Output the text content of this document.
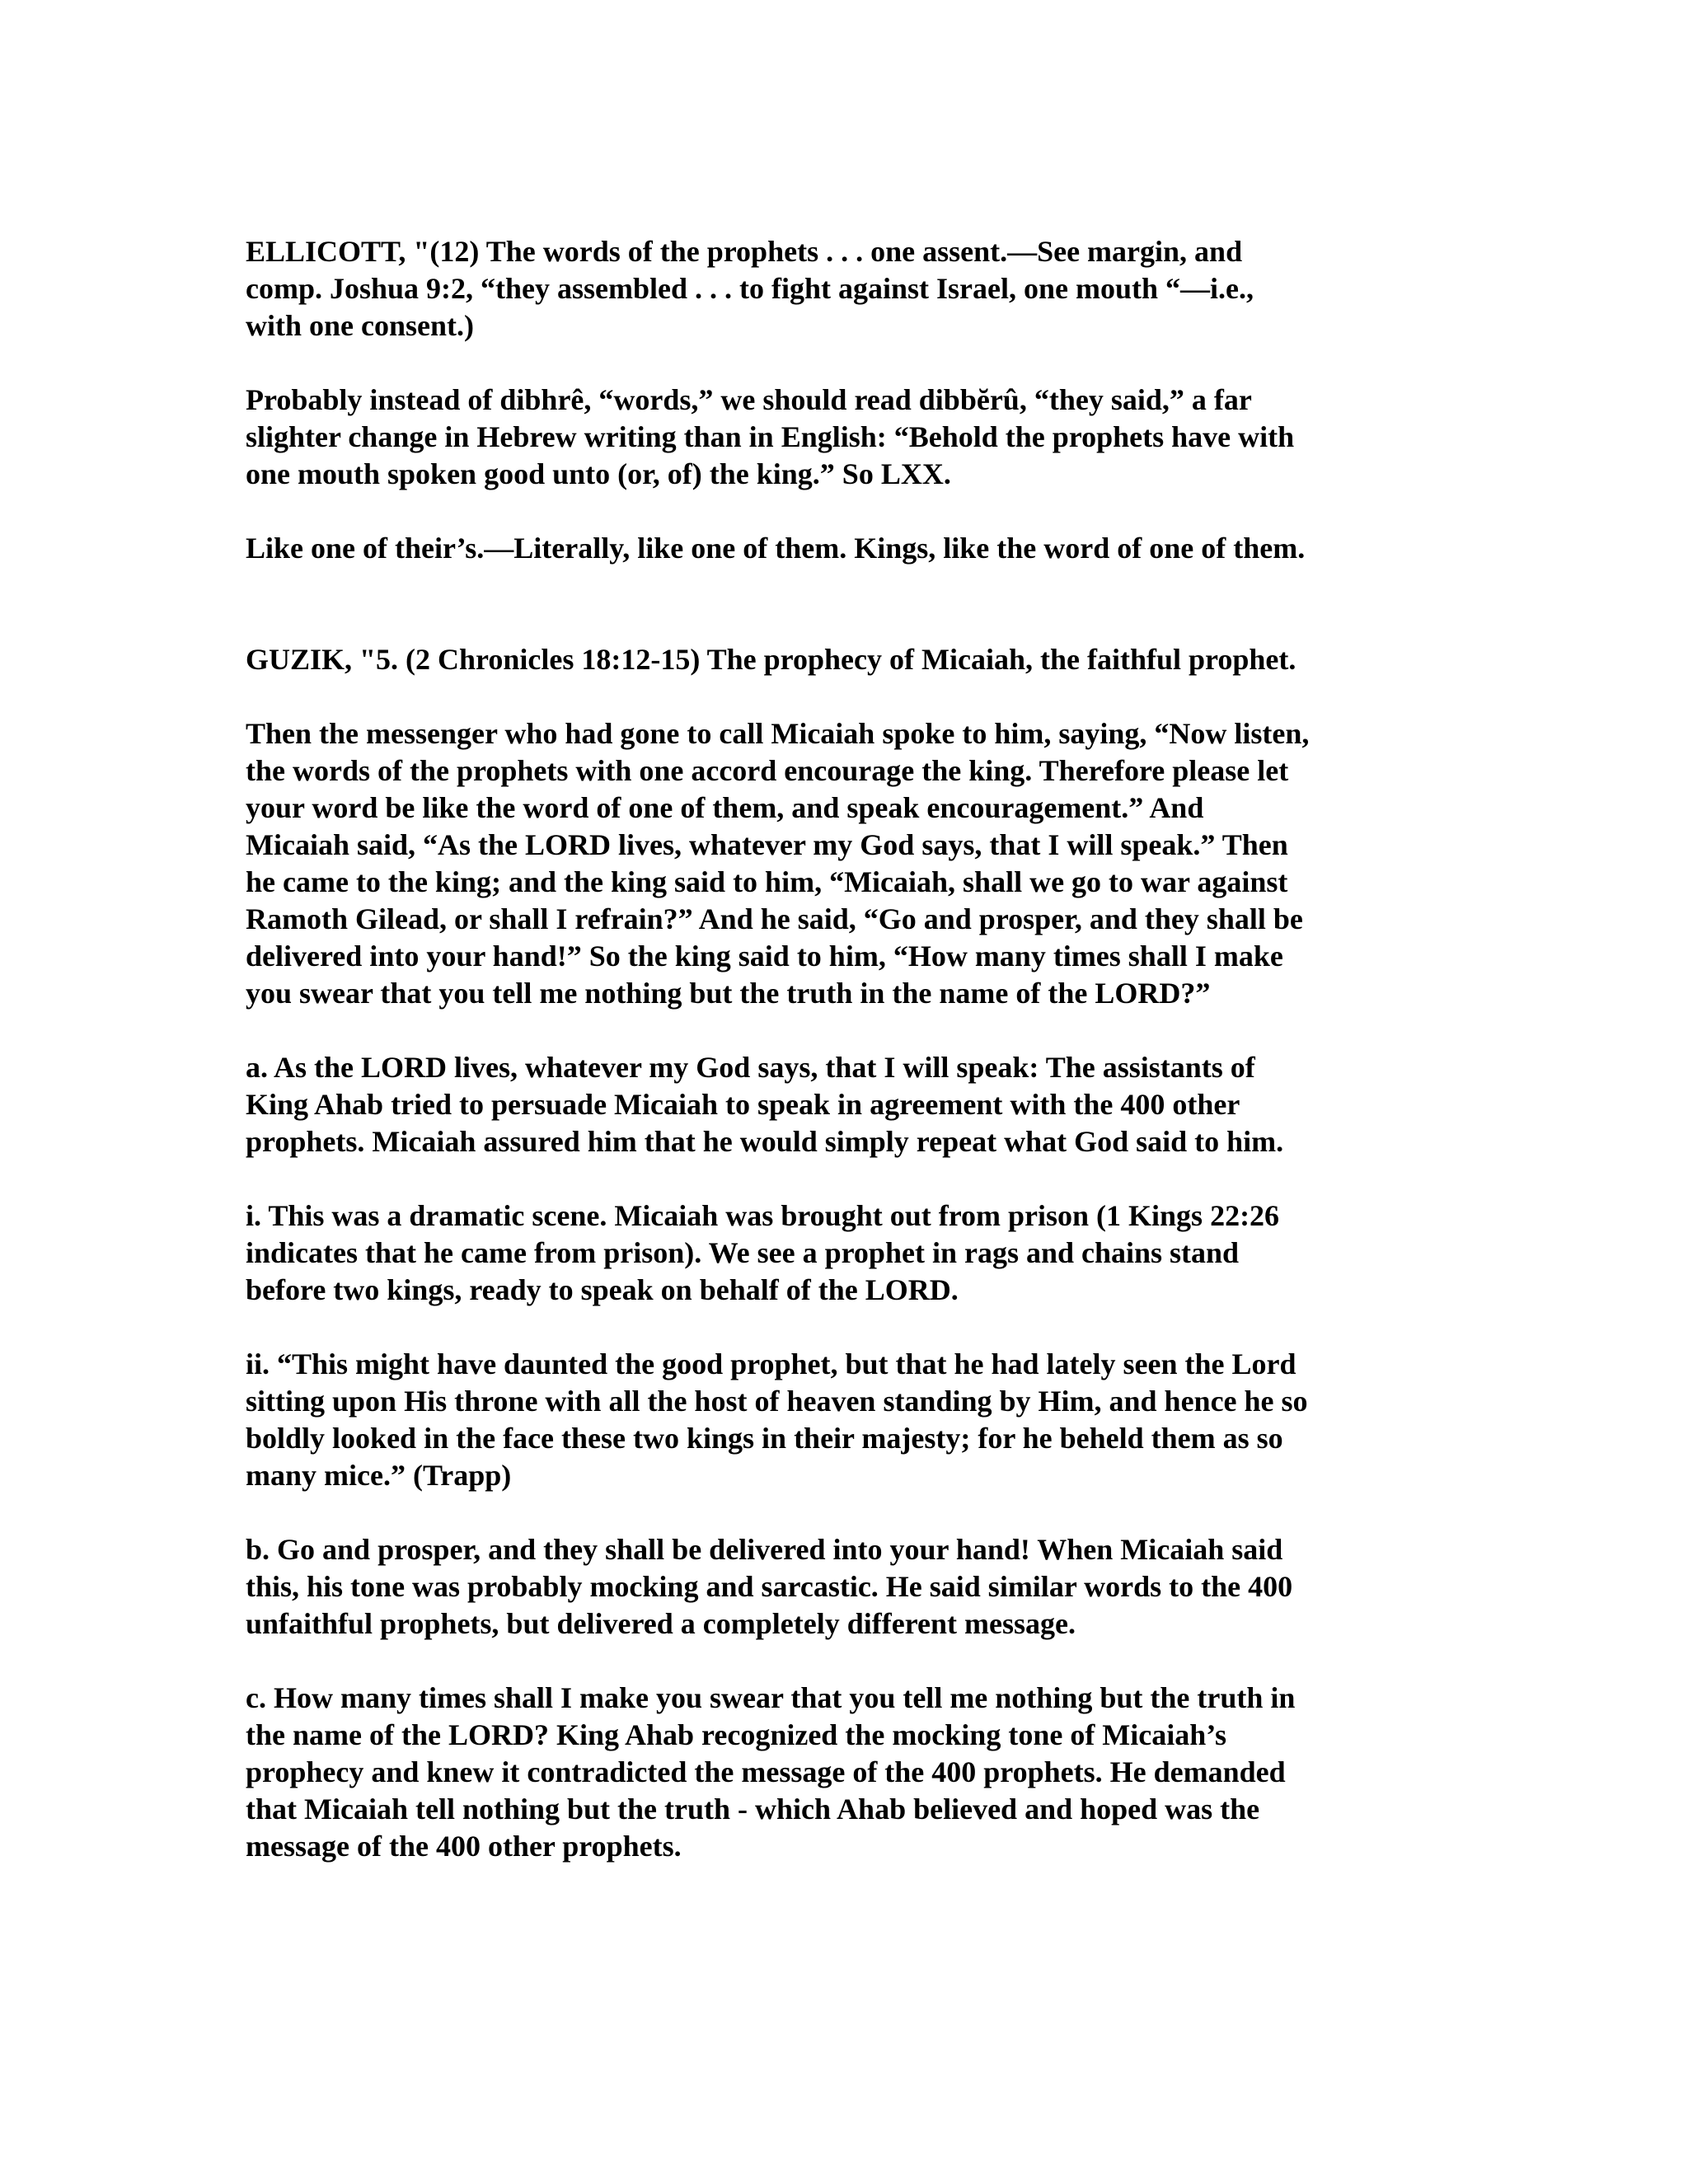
ELLICOTT, "(12) The words of the prophets . . . one assent.—See margin, and
comp. Joshua 9:2, “they assembled . . . to fight against Israel, one mouth “—i.e.,
with one consent.)

Probably instead of dibhrê, “words,” we should read dibbĕrû, “they said,” a far
slighter change in Hebrew writing than in English: “Behold the prophets have with
one mouth spoken good unto (or, of) the king.” So LXX.

Like one of their’s.—Literally, like one of them. Kings, like the word of one of them.

GUZIK, "5. (2 Chronicles 18:12-15) The prophecy of Micaiah, the faithful prophet.

Then the messenger who had gone to call Micaiah spoke to him, saying, “Now listen,
the words of the prophets with one accord encourage the king. Therefore please let
your word be like the word of one of them, and speak encouragement.” And
Micaiah said, “As the LORD lives, whatever my God says, that I will speak.” Then
he came to the king; and the king said to him, “Micaiah, shall we go to war against
Ramoth Gilead, or shall I refrain?” And he said, “Go and prosper, and they shall be
delivered into your hand!” So the king said to him, “How many times shall I make
you swear that you tell me nothing but the truth in the name of the LORD?”

a. As the LORD lives, whatever my God says, that I will speak: The assistants of
King Ahab tried to persuade Micaiah to speak in agreement with the 400 other
prophets. Micaiah assured him that he would simply repeat what God said to him.

i. This was a dramatic scene. Micaiah was brought out from prison (1 Kings 22:26
indicates that he came from prison). We see a prophet in rags and chains stand
before two kings, ready to speak on behalf of the LORD.

ii. “This might have daunted the good prophet, but that he had lately seen the Lord
sitting upon His throne with all the host of heaven standing by Him, and hence he so
boldly looked in the face these two kings in their majesty; for he beheld them as so
many mice.” (Trapp)

b. Go and prosper, and they shall be delivered into your hand! When Micaiah said
this, his tone was probably mocking and sarcastic. He said similar words to the 400
unfaithful prophets, but delivered a completely different message.

c. How many times shall I make you swear that you tell me nothing but the truth in
the name of the LORD? King Ahab recognized the mocking tone of Micaiah’s
prophecy and knew it contradicted the message of the 400 prophets. He demanded
that Micaiah tell nothing but the truth - which Ahab believed and hoped was the
message of the 400 other prophets.
